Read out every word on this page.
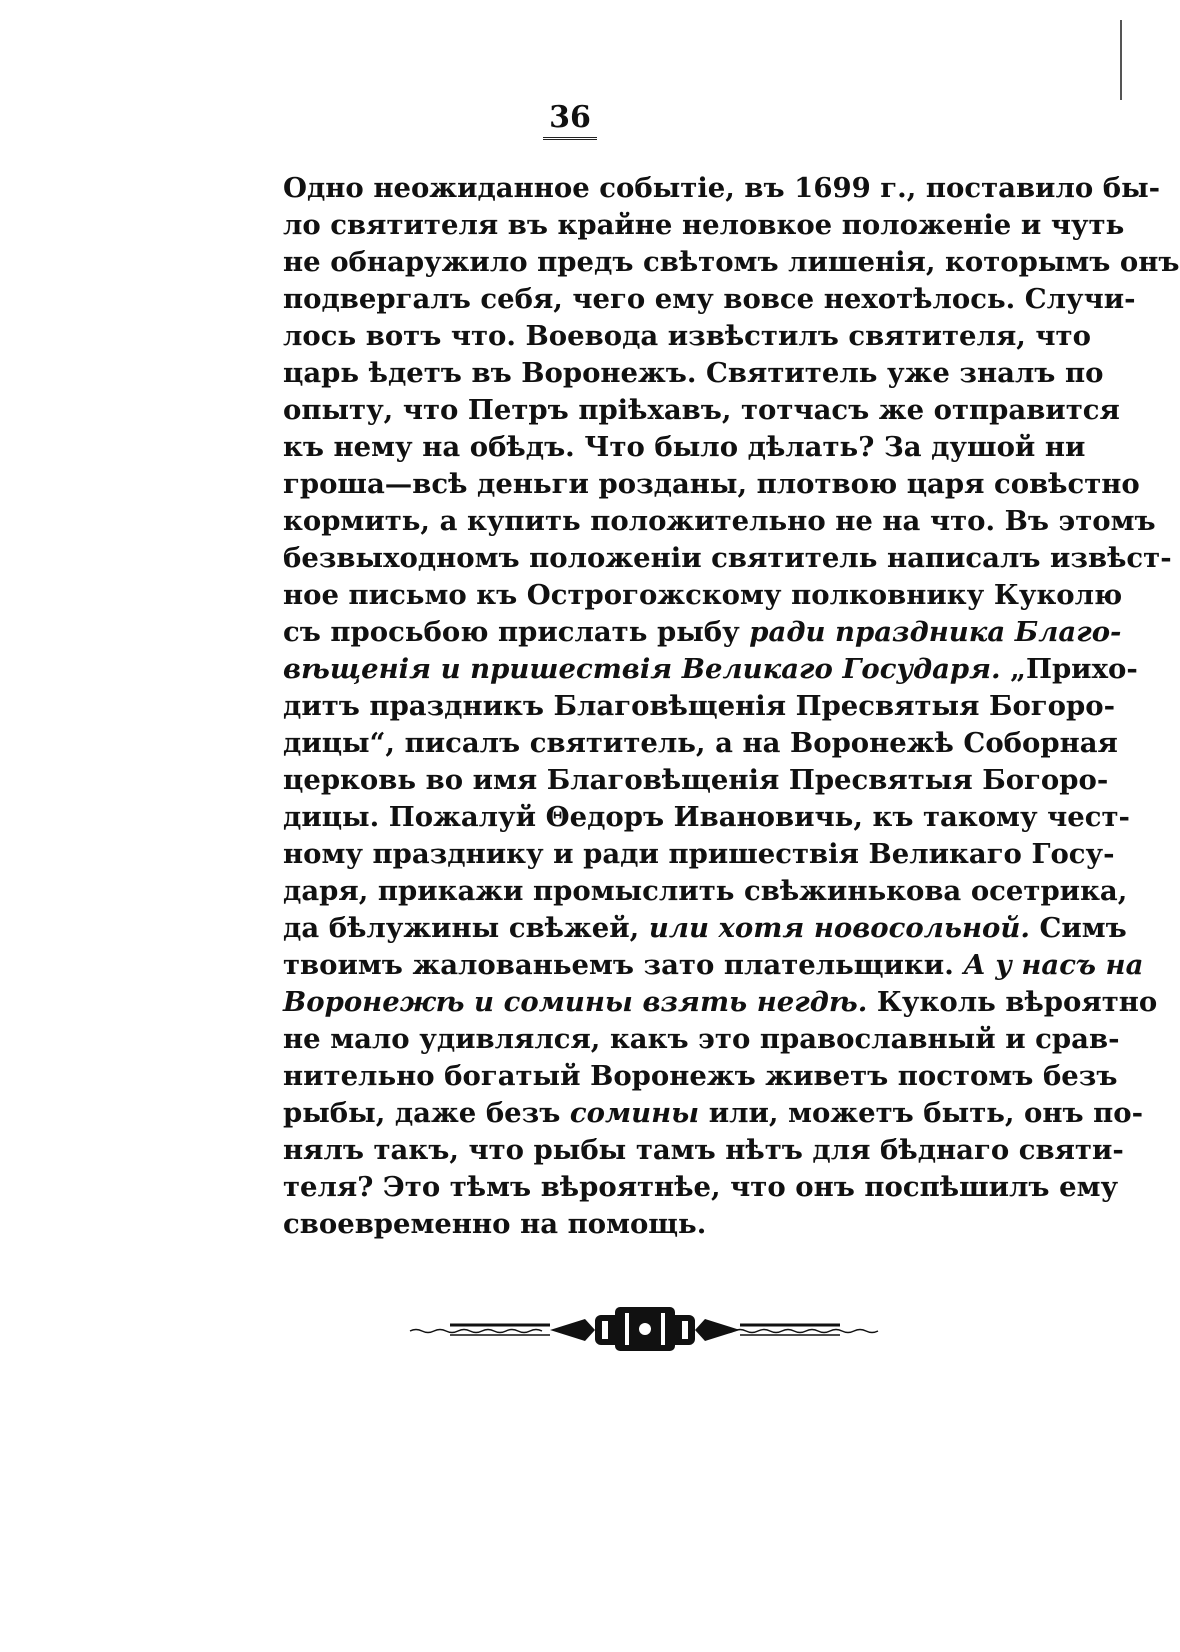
36
Одно неожиданное событіе, въ 1699 г., поставило бы-
ло святителя въ крайне неловкое положеніе и чуть
не обнаружило предъ свѣтомъ лишенія, которымъ онъ
подвергалъ себя, чего ему вовсе нехотѣлось. Случи-
лось вотъ что. Воевода извѣстилъ святителя, что
царь ѣдетъ въ Воронежъ. Святитель уже зналъ по
опыту, что Петръ пріѣхавъ, тотчасъ же отправится
къ нему на обѣдъ. Что было дѣлать? За душой ни
гроша—всѣ деньги розданы, плотвою царя совѣстно
кормить, а купить положительно не на что. Въ этомъ
безвыходномъ положеніи святитель написалъ извѣст-
ное письмо къ Острогожскому полковнику Куколю
съ просьбою прислать рыбу ради праздника Благо-
вѣщенія и пришествія Великаго Государя. „Прихо-
дитъ праздникъ Благовѣщенія Пресвятыя Богоро-
дицы“, писалъ святитель, а на Воронежѣ Соборная
церковь во имя Благовѣщенія Пресвятыя Богоро-
дицы. Пожалуй Θедоръ Ивановичь, къ такому чест-
ному празднику и ради пришествія Великаго Госу-
даря, прикажи промыслить свѣжинькова осетрика,
да бѣлужины свѣжей, или хотя новосольной. Симъ
твоимъ жалованьемъ зато плательщики. А у насъ на
Воронежѣ и сомины взять негдѣ. Куколь вѣроятно
не мало удивлялся, какъ это православный и срав-
нительно богатый Воронежъ живетъ постомъ безъ
рыбы, даже безъ сомины или, можетъ быть, онъ по-
нялъ такъ, что рыбы тамъ нѣтъ для бѣднаго святи-
теля? Это тѣмъ вѣроятнѣе, что онъ поспѣшилъ ему
своевременно на помощь.
